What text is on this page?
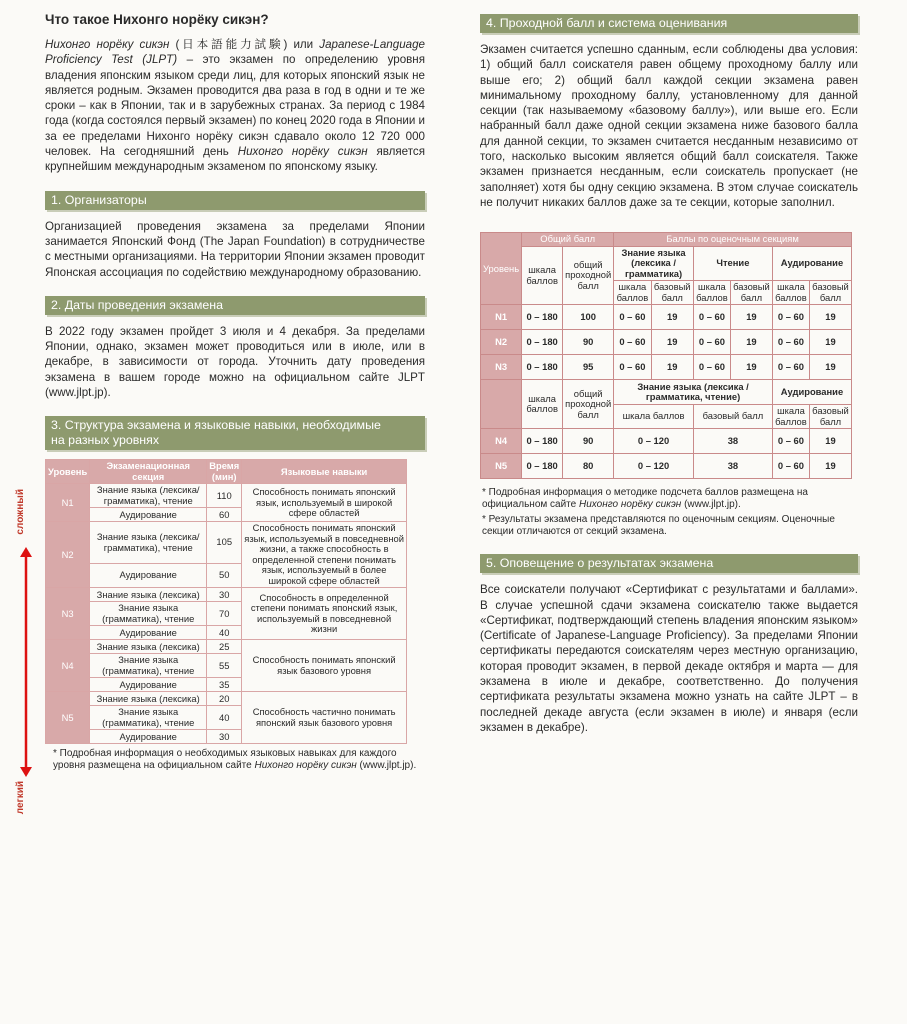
Что такое Нихонго норёку сикэн?

Нихонго норёку сикэн (日本語能力試験) или Japanese-Language Proficiency Test (JLPT) – это экзамен по определению уровня владения японским языком среди лиц, для которых японский язык не является родным. Экзамен проводится два раза в год в одни и те же сроки – как в Японии, так и в зарубежных странах. За период с 1984 года (когда состоялся первый экзамен) по конец 2020 года в Японии и за ее пределами Нихонго норёку сикэн сдавало около 12 720 000 человек. На сегодняшний день Нихонго норёку сикэн является крупнейшим международным экзаменом по японскому языку.

1. Организаторы

Организацией проведения экзамена за пределами Японии занимается Японский Фонд (The Japan Foundation) в сотрудничестве с местными организациями. На территории Японии экзамен проводит Японская ассоциация по содействию международному образованию.

2. Даты проведения экзамена

В 2022 году экзамен пройдет 3 июля и 4 декабря. За пределами Японии, однако, экзамен может проводиться или в июле, или в декабре, в зависимости от города. Уточнить дату проведения экзамена в вашем городе можно на официальном сайте JLPT (www.jlpt.jp).

3. Структура экзамена и языковые навыки, необходимые на разных уровнях
сложный
легкий
Уровень	Экзаменационная секция	Время (мин)	Языковые навыки
N1	Знание языка (лексика/грамматика), чтение	110	Способность понимать японский язык, используемый в широкой сфере областей
	Аудирование	60	
N2	Знание языка (лексика/грамматика), чтение	105	Способность понимать японский язык, используемый в повседневной жизни, а также способность в определенной степени понимать язык, используемый в более широкой сфере областей
	Аудирование	50	
N3	Знание языка (лексика)	30	Способность в определенной степени понимать японский язык, используемый в повседневной жизни
	Знание языка (грамматика), чтение	70	
	Аудирование	40	
N4	Знание языка (лексика)	25	Способность понимать японский язык базового уровня
	Знание языка (грамматика), чтение	55	
	Аудирование	35	
N5	Знание языка (лексика)	20	Способность частично понимать японский язык базового уровня
	Знание языка (грамматика), чтение	40	
	Аудирование	30	

* Подробная информация о необходимых языковых навыках для каждого уровня размещена на официальном сайте Нихонго норёку сикэн (www.jlpt.jp).

4. Проходной балл и система оценивания

Экзамен считается успешно сданным, если соблюдены два условия: 1) общий балл соискателя равен общему проходному баллу или выше его; 2) общий балл каждой секции экзамена равен минимальному проходному баллу, установленному для данной секции (так называемому «базовому баллу»), или выше его. Если набранный балл даже одной секции экзамена ниже базового балла для данной секции, то экзамен считается несданным независимо от того, насколько высоким является общий балл соискателя. Также экзамен признается несданным, если соискатель пропускает (не заполняет) хотя бы одну секцию экзамена. В этом случае соискатель не получит никаких баллов даже за те секции, которые заполнил.

Уровень	Общий балл		Баллы по оценочным секциям					
	шкала баллов	общий проходной балл	Знание языка (лексика / грамматика)		Чтение		Аудирование	
			шкала баллов	базовый балл	шкала баллов	базовый балл	шкала баллов	базовый балл
N1	0 – 180	100	0 – 60	19	0 – 60	19	0 – 60	19
N2	0 – 180	90	0 – 60	19	0 – 60	19	0 – 60	19
N3	0 – 180	95	0 – 60	19	0 – 60	19	0 – 60	19
	шкала баллов	общий проходной балл	Знание языка (лексика / грамматика, чтение)				Аудирование	
			шкала баллов		базовый балл		шкала баллов	базовый балл
N4	0 – 180	90	0 – 120		38		0 – 60	19
N5	0 – 180	80	0 – 120		38		0 – 60	19

* Подробная информация о методике подсчета баллов размещена на официальном сайте Нихонго норёку сикэн (www.jlpt.jp).

* Результаты экзамена представляются по оценочным секциям. Оценочные секции отличаются от секций экзамена.

5. Оповещение о результатах экзамена

Все соискатели получают «Сертификат с результатами и баллами». В случае успешной сдачи экзамена соискателю также выдается «Сертификат, подтверждающий степень владения японским языком» (Certificate of Japanese-Language Proficiency). За пределами Японии сертификаты передаются соискателям через местную организацию, которая проводит экзамен, в первой декаде октября и марта — для экзамена в июле и декабре, соответственно. До получения сертификата результаты экзамена можно узнать на сайте JLPT – в последней декаде августа (если экзамен в июле) и января (если экзамен в декабре).
